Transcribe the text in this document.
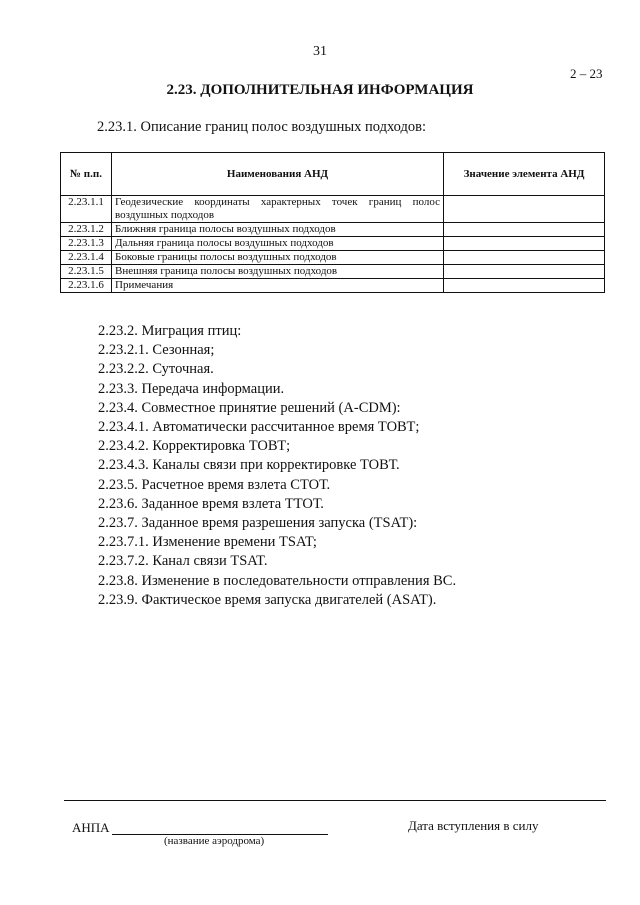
31
2 – 23
2.23. ДОПОЛНИТЕЛЬНАЯ ИНФОРМАЦИЯ
2.23.1. Описание границ полос воздушных подходов:
№ п.п.	Наименования АНД	Значение элемента АНД
2.23.1.1	Геодезические координаты характерных точек границ полос воздушных подходов	
2.23.1.2	Ближняя граница полосы воздушных подходов	
2.23.1.3	Дальняя граница полосы воздушных подходов	
2.23.1.4	Боковые границы полосы воздушных подходов	
2.23.1.5	Внешняя граница полосы воздушных подходов	
2.23.1.6	Примечания	
2.23.2. Миграция птиц:
2.23.2.1. Сезонная;
2.23.2.2. Суточная.
2.23.3. Передача информации.
2.23.4. Совместное принятие решений (A-CDM):
2.23.4.1. Автоматически рассчитанное время ТОВТ;
2.23.4.2. Корректировка ТОВТ;
2.23.4.3. Каналы связи при корректировке ТОВТ.
2.23.5. Расчетное время взлета СТОТ.
2.23.6. Заданное время взлета ТТОТ.
2.23.7. Заданное время разрешения запуска (TSAT):
2.23.7.1. Изменение времени TSAT;
2.23.7.2. Канал связи TSAT.
2.23.8. Изменение в последовательности отправления ВС.
2.23.9. Фактическое время запуска двигателей (ASAT).
АНПА
(название аэродрома)
Дата вступления в силу
